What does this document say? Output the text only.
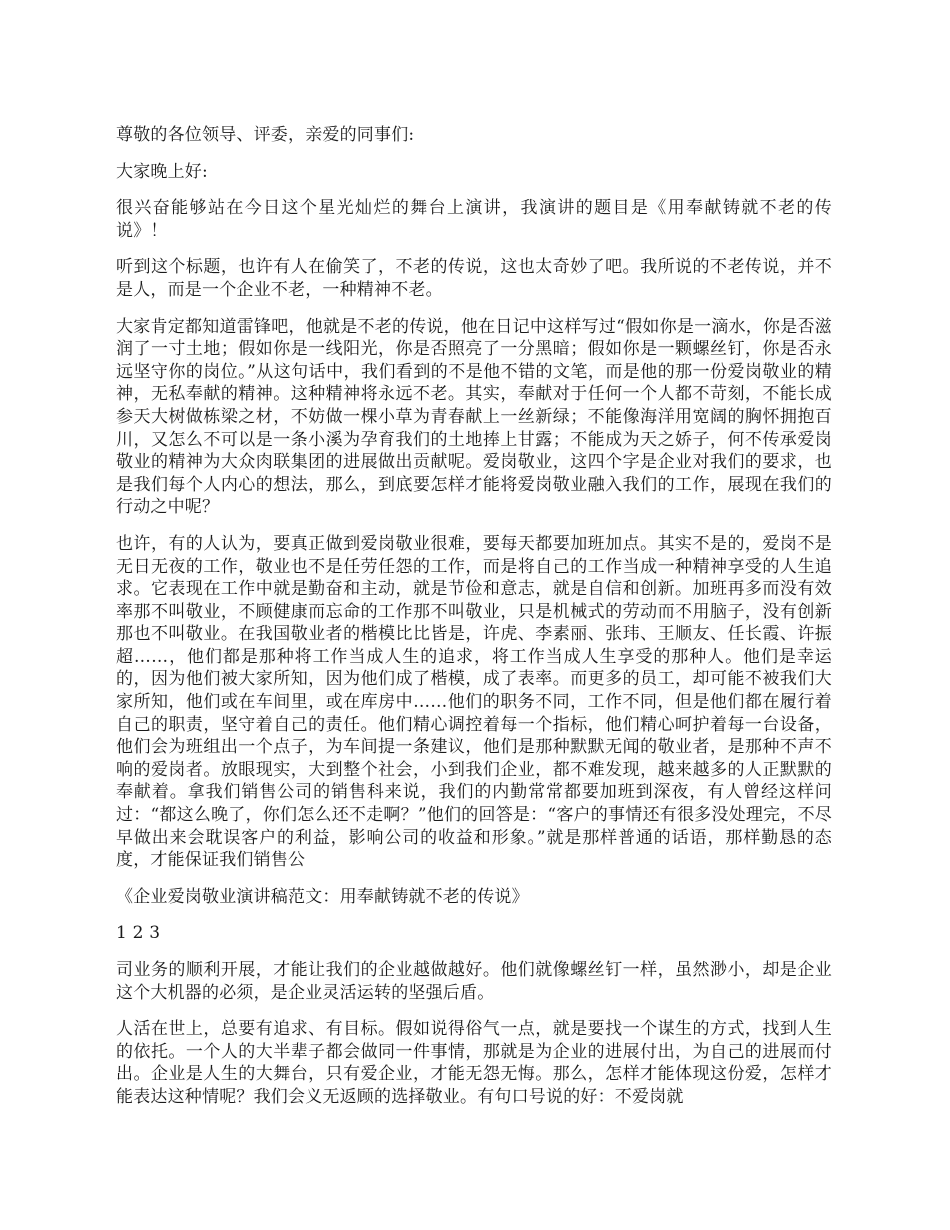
尊敬的各位领导、评委，亲爱的同事们:

大家晚上好:

很兴奋能够站在今日这个星光灿烂的舞台上演讲，我演讲的题目是《用奉献铸就不老的传说》！

听到这个标题，也许有人在偷笑了，不老的传说，这也太奇妙了吧。我所说的不老传说，并不是人，而是一个企业不老，一种精神不老。

大家肯定都知道雷锋吧，他就是不老的传说，他在日记中这样写过“假如你是一滴水，你是否滋润了一寸土地；假如你是一线阳光，你是否照亮了一分黑暗；假如你是一颗螺丝钉，你是否永远坚守你的岗位。”从这句话中，我们看到的不是他不错的文笔，而是他的那一份爱岗敬业的精神，无私奉献的精神。这种精神将永远不老。其实，奉献对于任何一个人都不苛刻，不能长成参天大树做栋梁之材，不妨做一棵小草为青春献上一丝新绿；不能像海洋用宽阔的胸怀拥抱百川，又怎么不可以是一条小溪为孕育我们的土地捧上甘露；不能成为天之娇子，何不传承爱岗敬业的精神为大众肉联集团的进展做出贡献呢。爱岗敬业，这四个字是企业对我们的要求，也是我们每个人内心的想法，那么，到底要怎样才能将爱岗敬业融入我们的工作，展现在我们的行动之中呢？

也许，有的人认为，要真正做到爱岗敬业很难，要每天都要加班加点。其实不是的，爱岗不是无日无夜的工作，敬业也不是任劳任怨的工作，而是将自己的工作当成一种精神享受的人生追求。它表现在工作中就是勤奋和主动，就是节俭和意志，就是自信和创新。加班再多而没有效率那不叫敬业，不顾健康而忘命的工作那不叫敬业，只是机械式的劳动而不用脑子，没有创新那也不叫敬业。在我国敬业者的楷模比比皆是，许虎、李素丽、张玮、王顺友、任长霞、许振超……，他们都是那种将工作当成人生的追求，将工作当成人生享受的那种人。他们是幸运的，因为他们被大家所知，因为他们成了楷模，成了表率。而更多的员工，却可能不被我们大家所知，他们或在车间里，或在库房中……他们的职务不同，工作不同，但是他们都在履行着自己的职责，坚守着自己的责任。他们精心调控着每一个指标，他们精心呵护着每一台设备，他们会为班组出一个点子，为车间提一条建议，他们是那种默默无闻的敬业者，是那种不声不响的爱岗者。放眼现实，大到整个社会，小到我们企业，都不难发现，越来越多的人正默默的奉献着。拿我们销售公司的销售科来说，我们的内勤常常都要加班到深夜，有人曾经这样问过：“都这么晚了，你们怎么还不走啊？”他们的回答是：“客户的事情还有很多没处理完，不尽早做出来会耽误客户的利益，影响公司的收益和形象。”就是那样普通的话语，那样勤恳的态度，才能保证我们销售公

《企业爱岗敬业演讲稿范文：用奉献铸就不老的传说》

1 2 3

司业务的顺利开展，才能让我们的企业越做越好。他们就像螺丝钉一样，虽然渺小，却是企业这个大机器的必须，是企业灵活运转的坚强后盾。

人活在世上，总要有追求、有目标。假如说得俗气一点，就是要找一个谋生的方式，找到人生的依托。一个人的大半辈子都会做同一件事情，那就是为企业的进展付出，为自己的进展而付出。企业是人生的大舞台，只有爱企业，才能无怨无悔。那么，怎样才能体现这份爱，怎样才能表达这种情呢？我们会义无返顾的选择敬业。有句口号说的好：不爱岗就
